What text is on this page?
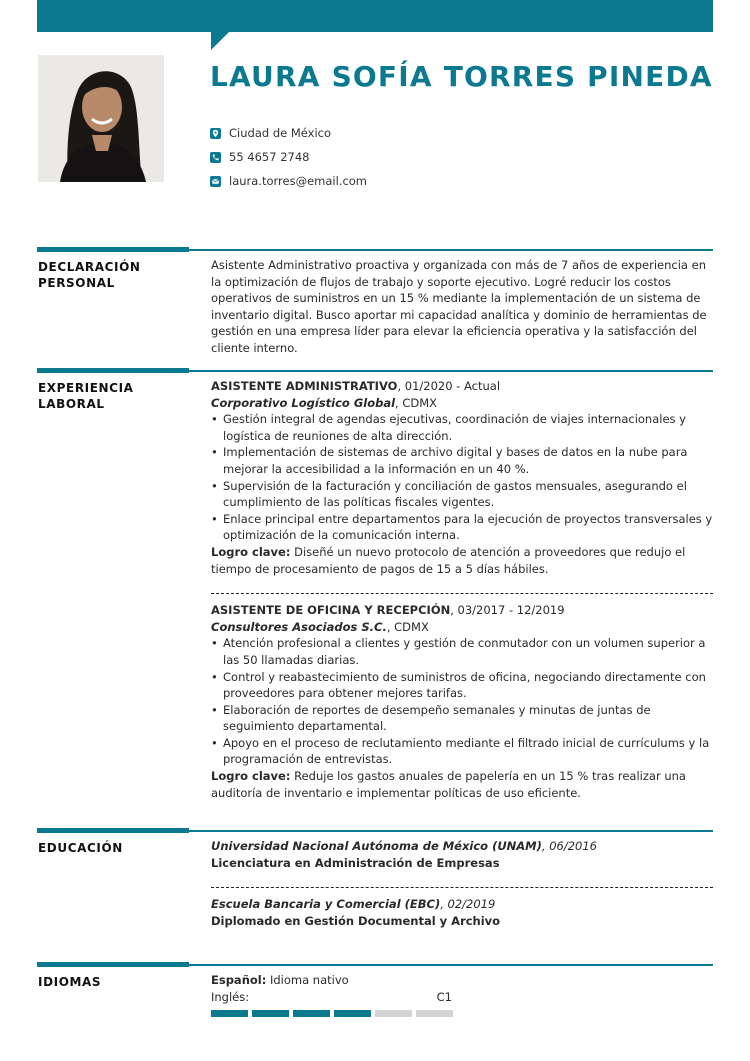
LAURA SOFÍA TORRES PINEDA
Ciudad de México
55 4657 2748
laura.torres@email.com
DECLARACIÓN PERSONAL

Asistente Administrativo proactiva y organizada con más de 7 años de experiencia en la optimización de flujos de trabajo y soporte ejecutivo. Logré reducir los costos operativos de suministros en un 15 % mediante la implementación de un sistema de inventario digital. Busco aportar mi capacidad analítica y dominio de herramientas de gestión en una empresa líder para elevar la eficiencia operativa y la satisfacción del cliente interno.

EXPERIENCIA LABORAL
ASISTENTE ADMINISTRATIVO, 01/2020 - Actual
Corporativo Logístico Global, CDMX
• Gestión integral de agendas ejecutivas, coordinación de viajes internacionales y logística de reuniones de alta dirección.
• Implementación de sistemas de archivo digital y bases de datos en la nube para mejorar la accesibilidad a la información en un 40 %.
• Supervisión de la facturación y conciliación de gastos mensuales, asegurando el cumplimiento de las políticas fiscales vigentes.
• Enlace principal entre departamentos para la ejecución de proyectos transversales y optimización de la comunicación interna.
Logro clave: Diseñé un nuevo protocolo de atención a proveedores que redujo el tiempo de procesamiento de pagos de 15 a 5 días hábiles.
ASISTENTE DE OFICINA Y RECEPCIÓN, 03/2017 - 12/2019
Consultores Asociados S.C., CDMX
• Atención profesional a clientes y gestión de conmutador con un volumen superior a las 50 llamadas diarias.
• Control y reabastecimiento de suministros de oficina, negociando directamente con proveedores para obtener mejores tarifas.
• Elaboración de reportes de desempeño semanales y minutas de juntas de seguimiento departamental.
• Apoyo en el proceso de reclutamiento mediante el filtrado inicial de currículums y la programación de entrevistas.
Logro clave: Reduje los gastos anuales de papelería en un 15 % tras realizar una auditoría de inventario e implementar políticas de uso eficiente.
EDUCACIÓN	Universidad Nacional Autónoma de México (UNAM), 06/2016
Licenciatura en Administración de Empresas
Escuela Bancaria y Comercial (EBC), 02/2019
Diplomado en Gestión Documental y Archivo
IDIOMAS	Español: Idioma nativo
Inglés:	C1
